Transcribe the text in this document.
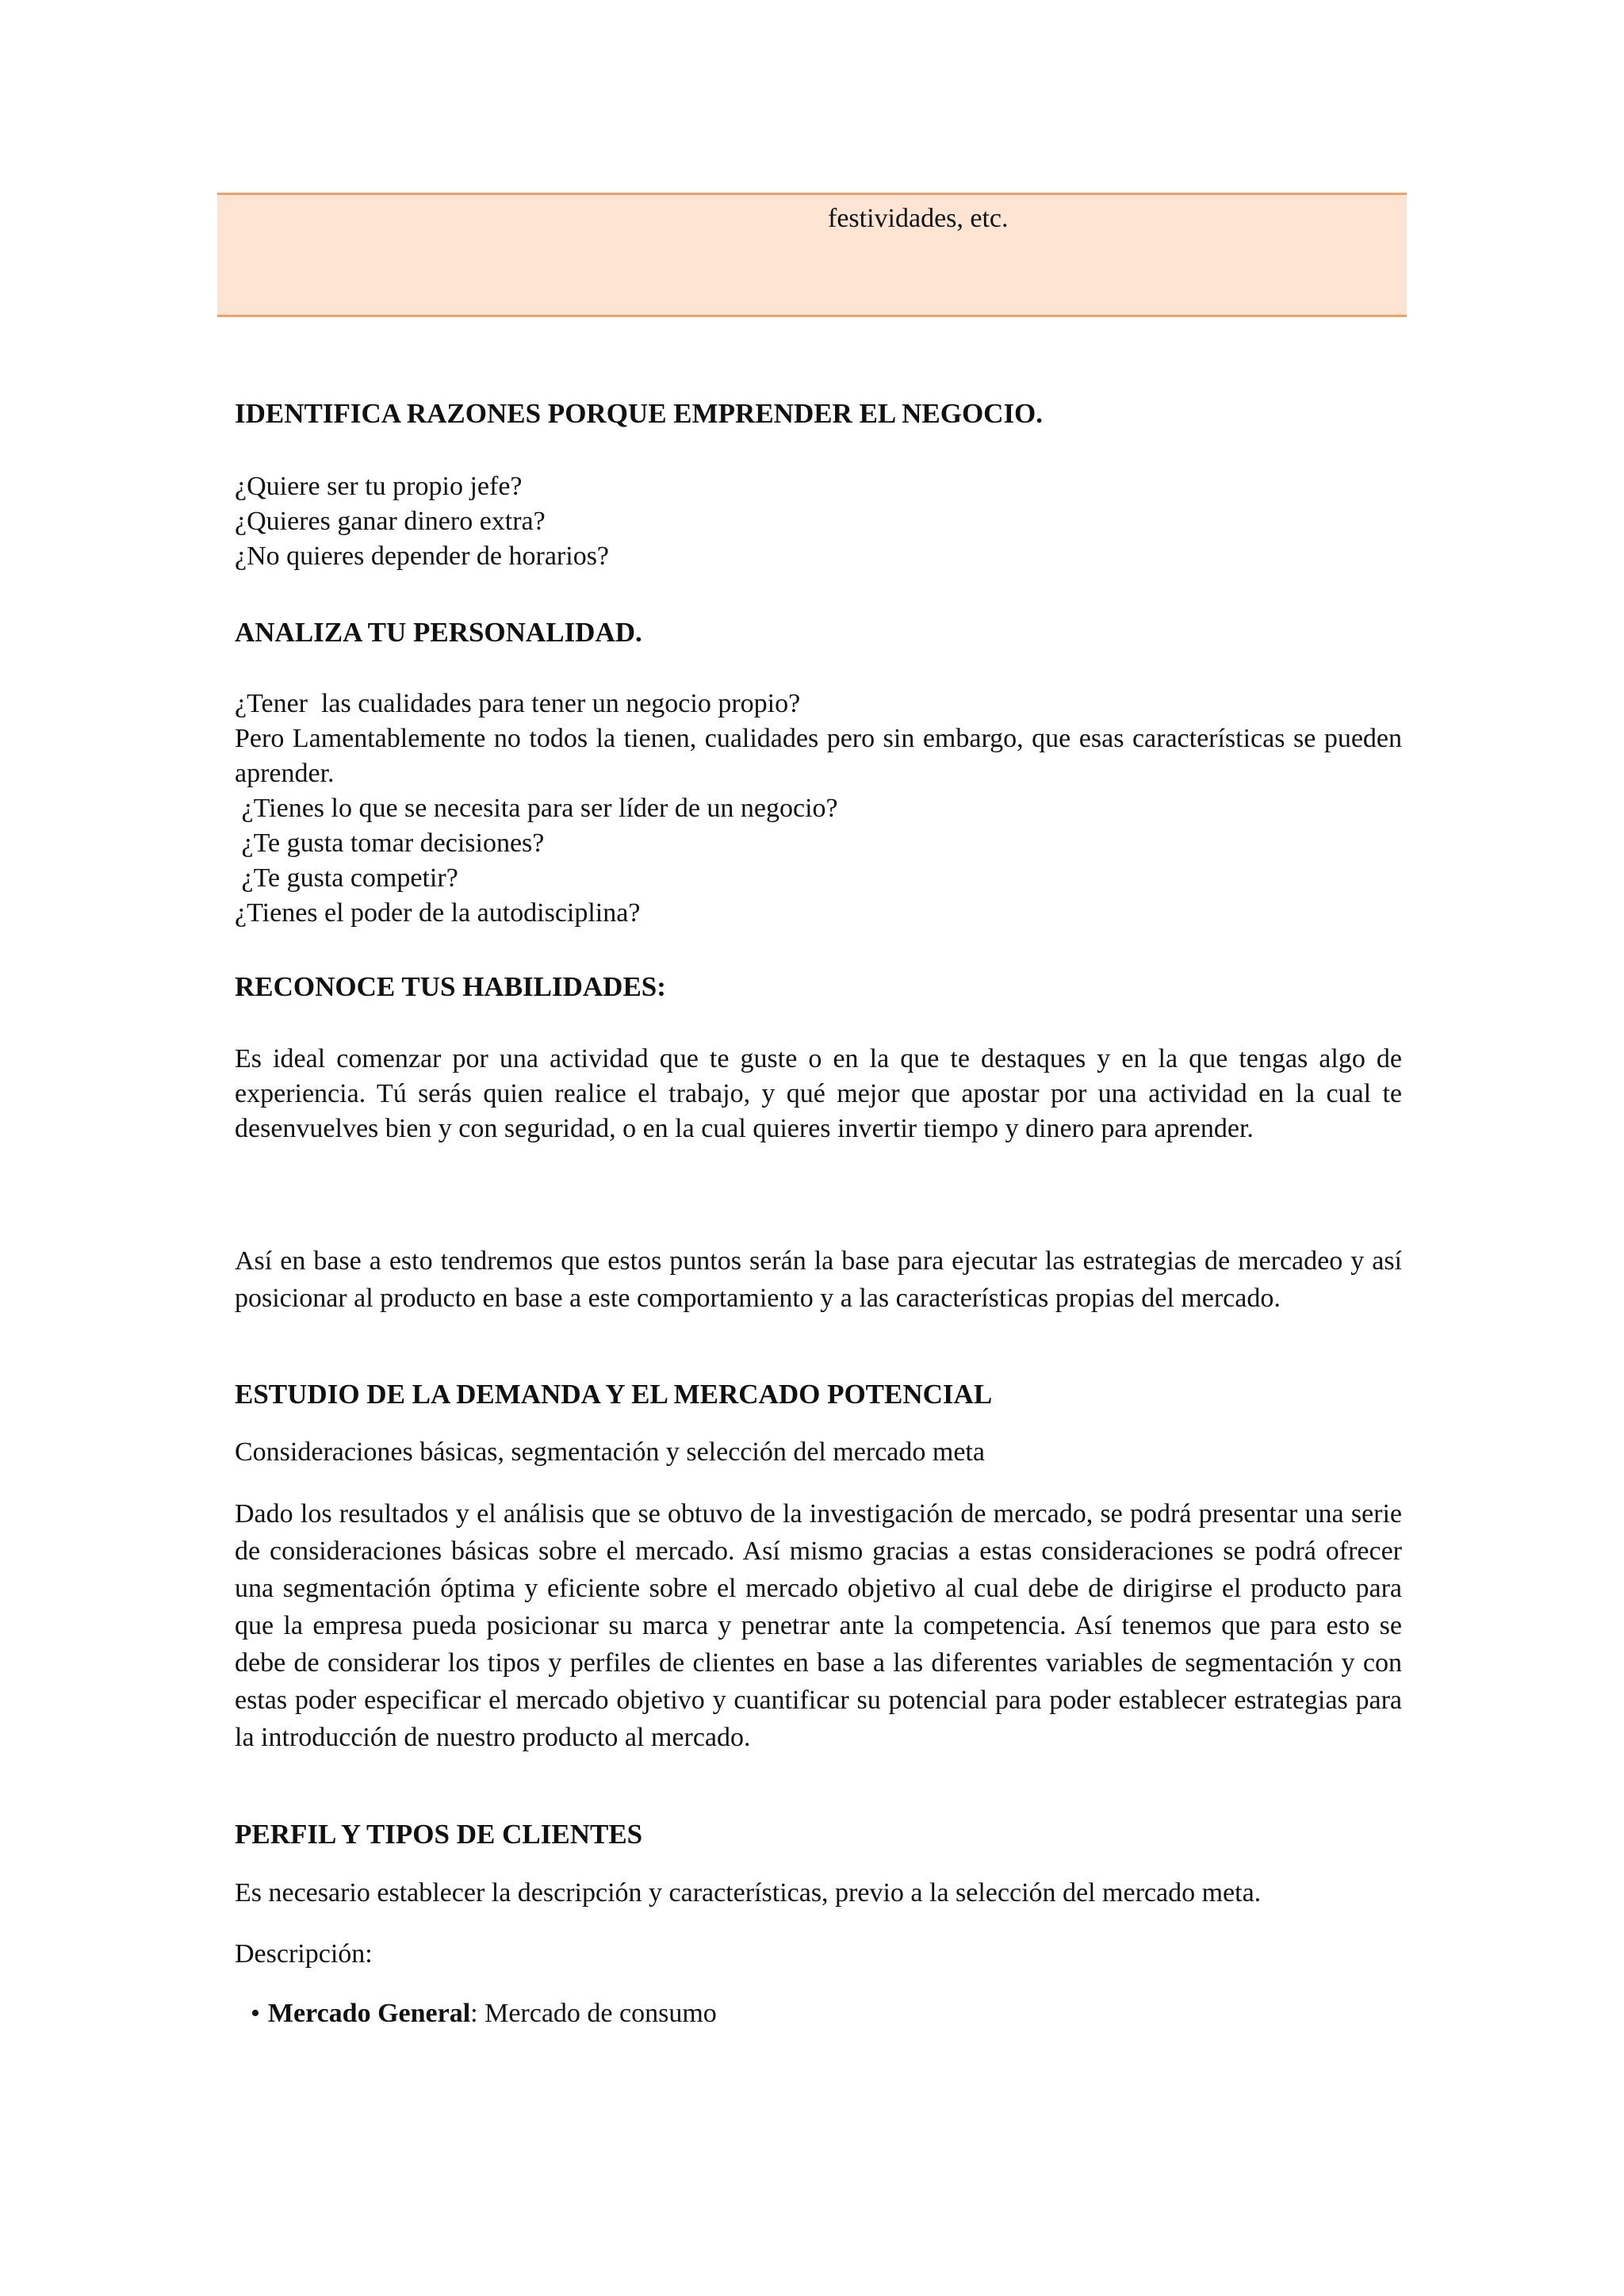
festividades, etc.

IDENTIFICA RAZONES PORQUE EMPRENDER EL NEGOCIO.

¿Quiere ser tu propio jefe?

¿Quieres ganar dinero extra?

¿No quieres depender de horarios?

ANALIZA TU PERSONALIDAD.

¿Tener  las cualidades para tener un negocio propio?

Pero Lamentablemente no todos la tienen, cualidades pero sin embargo, que esas características se pueden aprender.

¿Tienes lo que se necesita para ser líder de un negocio?

¿Te gusta tomar decisiones?

¿Te gusta competir?

¿Tienes el poder de la autodisciplina?

RECONOCE TUS HABILIDADES:

Es ideal comenzar por una actividad que te guste o en la que te destaques y en la que tengas algo de experiencia. Tú serás quien realice el trabajo, y qué mejor que apostar por una actividad en la cual te desenvuelves bien y con seguridad, o en la cual quieres invertir tiempo y dinero para aprender.

Así en base a esto tendremos que estos puntos serán la base para ejecutar las estrategias de mercadeo y así posicionar al producto en base a este comportamiento y a las características propias del mercado.

ESTUDIO DE LA DEMANDA Y EL MERCADO POTENCIAL

Consideraciones básicas, segmentación y selección del mercado meta

Dado los resultados y el análisis que se obtuvo de la investigación de mercado, se podrá presentar una serie de consideraciones básicas sobre el mercado. Así mismo gracias a estas consideraciones se podrá ofrecer una segmentación óptima y eficiente sobre el mercado objetivo al cual debe de dirigirse el producto para que la empresa pueda posicionar su marca y penetrar ante la competencia. Así tenemos que para esto se debe de considerar los tipos y perfiles de clientes en base a las diferentes variables de segmentación y con estas poder especificar el mercado objetivo y cuantificar su potencial para poder establecer estrategias para la introducción de nuestro producto al mercado.

PERFIL Y TIPOS DE CLIENTES

Es necesario establecer la descripción y características, previo a la selección del mercado meta.

Descripción:

• Mercado General: Mercado de consumo
